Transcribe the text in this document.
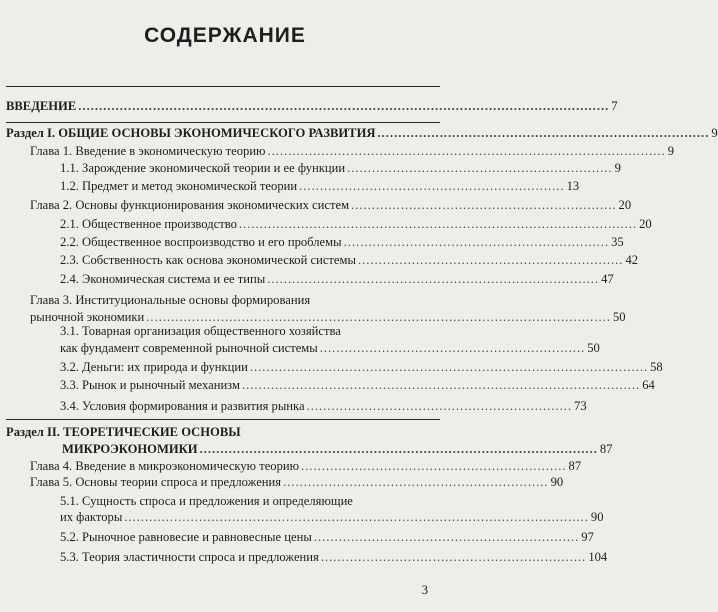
СОДЕРЖАНИЕ
ВВЕДЕНИЕ ................................................................................................................................ 7
Раздел I. ОБЩИЕ ОСНОВЫ ЭКОНОМИЧЕСКОГО РАЗВИТИЯ ................................................................................ 9
Глава 1. Введение в экономическую теорию ................................................................................................ 9
1.1. Зарождение экономической теории и ее функции ................................................................ 9
1.2. Предмет и метод экономической теории ................................................................ 13
Глава 2. Основы функционирования экономических систем ................................................................ 20
2.1. Общественное производство ................................................................................................ 20
2.2. Общественное воспроизводство и его проблемы ................................................................ 35
2.3. Собственность как основа экономической системы ................................................................ 42
2.4. Экономическая система и ее типы ................................................................................ 47
Глава 3. Институциональные основы формирования
рыночной экономики ................................................................................................................ 50
3.1. Товарная организация общественного хозяйства
как фундамент современной рыночной системы ................................................................ 50
3.2. Деньги: их природа и функции ................................................................................................ 58
3.3. Рынок и рыночный механизм ................................................................................................ 64
3.4. Условия формирования и развития рынка ................................................................ 73
Раздел II. ТЕОРЕТИЧЕСКИЕ ОСНОВЫ
МИКРОЭКОНОМИКИ ................................................................................................ 87
Глава 4. Введение в микроэкономическую теорию ................................................................ 87
Глава 5. Основы теории спроса и предложения ................................................................ 90
5.1. Сущность спроса и предложения и определяющие
их факторы ................................................................................................................ 90
5.2. Рыночное равновесие и равновесные цены ................................................................ 97
5.3. Теория эластичности спроса и предложения ................................................................ 104
3
